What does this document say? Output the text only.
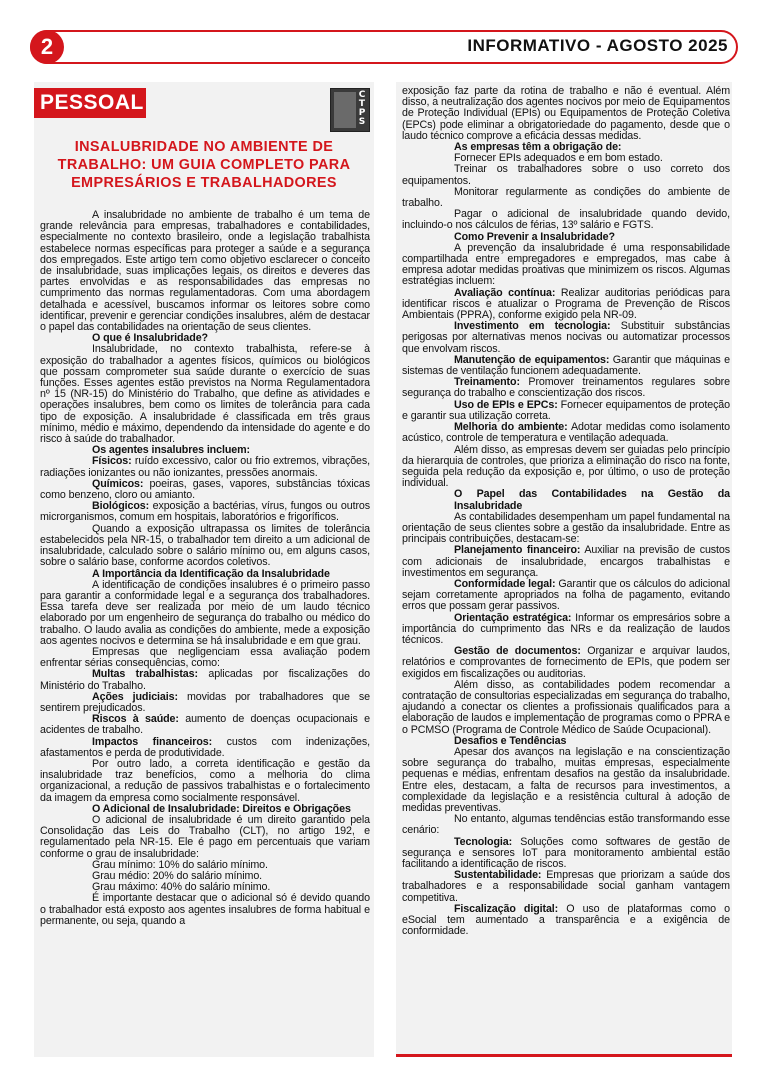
2	INFORMATIVO - AGOSTO 2025
PESSOAL	C
T
P
S
INSALUBRIDADE NO AMBIENTE DE TRABALHO: UM GUIA COMPLETO PARA EMPRESÁRIOS E TRABALHADORES
A insalubridade no ambiente de trabalho é um tema de grande relevância para empresas, trabalhadores e contabilidades, especialmente no contexto brasileiro, onde a legislação trabalhista estabelece normas específicas para proteger a saúde e a segurança dos empregados. Este artigo tem como objetivo esclarecer o conceito de insalubridade, suas implicações legais, os direitos e deveres das partes envolvidas e as responsabilidades das empresas no cumprimento das normas regulamentadoras. Com uma abordagem detalhada e acessível, buscamos informar os leitores sobre como identificar, prevenir e gerenciar condições insalubres, além de destacar o papel das contabilidades na orientação de seus clientes.
O que é Insalubridade?
Insalubridade, no contexto trabalhista, refere-se à exposição do trabalhador a agentes físicos, químicos ou biológicos que possam comprometer sua saúde durante o exercício de suas funções. Esses agentes estão previstos na Norma Regulamentadora nº 15 (NR-15) do Ministério do Trabalho, que define as atividades e operações insalubres, bem como os limites de tolerância para cada tipo de exposição. A insalubridade é classificada em três graus mínimo, médio e máximo, dependendo da intensidade do agente e do risco à saúde do trabalhador.
Os agentes insalubres incluem:
Físicos: ruído excessivo, calor ou frio extremos, vibrações, radiações ionizantes ou não ionizantes, pressões anormais.
Químicos: poeiras, gases, vapores, substâncias tóxicas como benzeno, cloro ou amianto.
Biológicos: exposição a bactérias, vírus, fungos ou outros microrganismos, comum em hospitais, laboratórios e frigoríficos.
Quando a exposição ultrapassa os limites de tolerância estabelecidos pela NR-15, o trabalhador tem direito a um adicional de insalubridade, calculado sobre o salário mínimo ou, em alguns casos, sobre o salário base, conforme acordos coletivos.
A Importância da Identificação da Insalubridade
A identificação de condições insalubres é o primeiro passo para garantir a conformidade legal e a segurança dos trabalhadores. Essa tarefa deve ser realizada por meio de um laudo técnico elaborado por um engenheiro de segurança do trabalho ou médico do trabalho. O laudo avalia as condições do ambiente, mede a exposição aos agentes nocivos e determina se há insalubridade e em que grau.
Empresas que negligenciam essa avaliação podem enfrentar sérias consequências, como:
Multas trabalhistas: aplicadas por fiscalizações do Ministério do Trabalho.
Ações judiciais: movidas por trabalhadores que se sentirem prejudicados.
Riscos à saúde: aumento de doenças ocupacionais e acidentes de trabalho.
Impactos financeiros: custos com indenizações, afastamentos e perda de produtividade.
Por outro lado, a correta identificação e gestão da insalubridade traz benefícios, como a melhoria do clima organizacional, a redução de passivos trabalhistas e o fortalecimento da imagem da empresa como socialmente responsável.
O Adicional de Insalubridade: Direitos e Obrigações
O adicional de insalubridade é um direito garantido pela Consolidação das Leis do Trabalho (CLT), no artigo 192, e regulamentado pela NR-15. Ele é pago em percentuais que variam conforme o grau de insalubridade:
Grau mínimo: 10% do salário mínimo.
Grau médio: 20% do salário mínimo.
Grau máximo: 40% do salário mínimo.
É importante destacar que o adicional só é devido quando o trabalhador está exposto aos agentes insalubres de forma habitual e permanente, ou seja, quando a
exposição faz parte da rotina de trabalho e não é eventual. Além disso, a neutralização dos agentes nocivos por meio de Equipamentos de Proteção Individual (EPIs) ou Equipamentos de Proteção Coletiva (EPCs) pode eliminar a obrigatoriedade do pagamento, desde que o laudo técnico comprove a eficácia dessas medidas.
As empresas têm a obrigação de:
Fornecer EPIs adequados e em bom estado.
Treinar os trabalhadores sobre o uso correto dos equipamentos.
Monitorar regularmente as condições do ambiente de trabalho.
Pagar o adicional de insalubridade quando devido, incluindo-o nos cálculos de férias, 13º salário e FGTS.
Como Prevenir a Insalubridade?
A prevenção da insalubridade é uma responsabilidade compartilhada entre empregadores e empregados, mas cabe à empresa adotar medidas proativas que minimizem os riscos. Algumas estratégias incluem:
Avaliação contínua: Realizar auditorias periódicas para identificar riscos e atualizar o Programa de Prevenção de Riscos Ambientais (PPRA), conforme exigido pela NR-09.
Investimento em tecnologia: Substituir substâncias perigosas por alternativas menos nocivas ou automatizar processos que envolvam riscos.
Manutenção de equipamentos: Garantir que máquinas e sistemas de ventilação funcionem adequadamente.
Treinamento: Promover treinamentos regulares sobre segurança do trabalho e conscientização dos riscos.
Uso de EPIs e EPCs: Fornecer equipamentos de proteção e garantir sua utilização correta.
Melhoria do ambiente: Adotar medidas como isolamento acústico, controle de temperatura e ventilação adequada.
Além disso, as empresas devem ser guiadas pelo princípio da hierarquia de controles, que prioriza a eliminação do risco na fonte, seguida pela redução da exposição e, por último, o uso de proteção individual.
O Papel das Contabilidades na Gestão da Insalubridade
As contabilidades desempenham um papel fundamental na orientação de seus clientes sobre a gestão da insalubridade. Entre as principais contribuições, destacam-se:
Planejamento financeiro: Auxiliar na previsão de custos com adicionais de insalubridade, encargos trabalhistas e investimentos em segurança.
Conformidade legal: Garantir que os cálculos do adicional sejam corretamente apropriados na folha de pagamento, evitando erros que possam gerar passivos.
Orientação estratégica: Informar os empresários sobre a importância do cumprimento das NRs e da realização de laudos técnicos.
Gestão de documentos: Organizar e arquivar laudos, relatórios e comprovantes de fornecimento de EPIs, que podem ser exigidos em fiscalizações ou auditorias.
Além disso, as contabilidades podem recomendar a contratação de consultorias especializadas em segurança do trabalho, ajudando a conectar os clientes a profissionais qualificados para a elaboração de laudos e implementação de programas como o PPRA e o PCMSO (Programa de Controle Médico de Saúde Ocupacional).
Desafios e Tendências
Apesar dos avanços na legislação e na conscientização sobre segurança do trabalho, muitas empresas, especialmente pequenas e médias, enfrentam desafios na gestão da insalubridade. Entre eles, destacam, a falta de recursos para investimentos, a complexidade da legislação e a resistência cultural à adoção de medidas preventivas.
No entanto, algumas tendências estão transformando esse cenário:
Tecnologia: Soluções como softwares de gestão de segurança e sensores IoT para monitoramento ambiental estão facilitando a identificação de riscos.
Sustentabilidade: Empresas que priorizam a saúde dos trabalhadores e a responsabilidade social ganham vantagem competitiva.
Fiscalização digital: O uso de plataformas como o eSocial tem aumentado a transparência e a exigência de conformidade.
